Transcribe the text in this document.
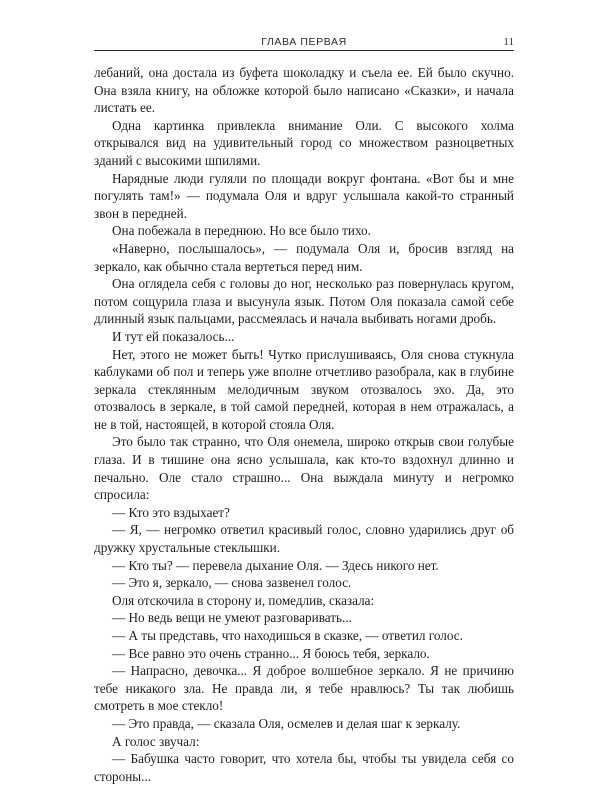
ГЛАВА ПЕРВАЯ	11

лебаний, она достала из буфета шоколадку и съела ее. Ей было скучно. Она взяла книгу, на обложке которой было написано «Сказки», и начала листать ее.

Одна картинка привлекла внимание Оли. С высокого холма открывался вид на удивительный город со множеством разноцветных зданий с высокими шпилями.

Нарядные люди гуляли по площади вокруг фонтана. «Вот бы и мне погулять там!» — подумала Оля и вдруг услышала какой-то странный звон в передней.

Она побежала в переднюю. Но все было тихо.

«Наверно, послышалось», — подумала Оля и, бросив взгляд на зеркало, как обычно стала вертеться перед ним.

Она оглядела себя с головы до ног, несколько раз повернулась кругом, потом сощурила глаза и высунула язык. Потом Оля показала самой себе длинный язык пальцами, рассмеялась и начала выбивать ногами дробь.

И тут ей показалось...

Нет, этого не может быть! Чутко прислушиваясь, Оля снова стукнула каблуками об пол и теперь уже вполне отчетливо разобрала, как в глубине зеркала стеклянным мелодичным звуком отозвалось эхо. Да, это отозвалось в зеркале, в той самой передней, которая в нем отражалась, а не в той, настоящей, в которой стояла Оля.

Это было так странно, что Оля онемела, широко открыв свои голубые глаза. И в тишине она ясно услышала, как кто-то вздохнул длинно и печально. Оле стало страшно... Она выждала минуту и негромко спросила:

— Кто это вздыхает?

— Я, — негромко ответил красивый голос, словно ударились друг об дружку хрустальные стеклышки.

— Кто ты? — перевела дыхание Оля. — Здесь никого нет.

— Это я, зеркало, — снова зазвенел голос.

Оля отскочила в сторону и, помедлив, сказала:

— Но ведь вещи не умеют разговаривать...

— А ты представь, что находишься в сказке, — ответил голос.

— Все равно это очень странно... Я боюсь тебя, зеркало.

— Напрасно, девочка... Я доброе волшебное зеркало. Я не причиню тебе никакого зла. Не правда ли, я тебе нравлюсь? Ты так любишь смотреть в мое стекло!

— Это правда, — сказала Оля, осмелев и делая шаг к зеркалу.

А голос звучал:

— Бабушка часто говорит, что хотела бы, чтобы ты увидела себя со стороны...
